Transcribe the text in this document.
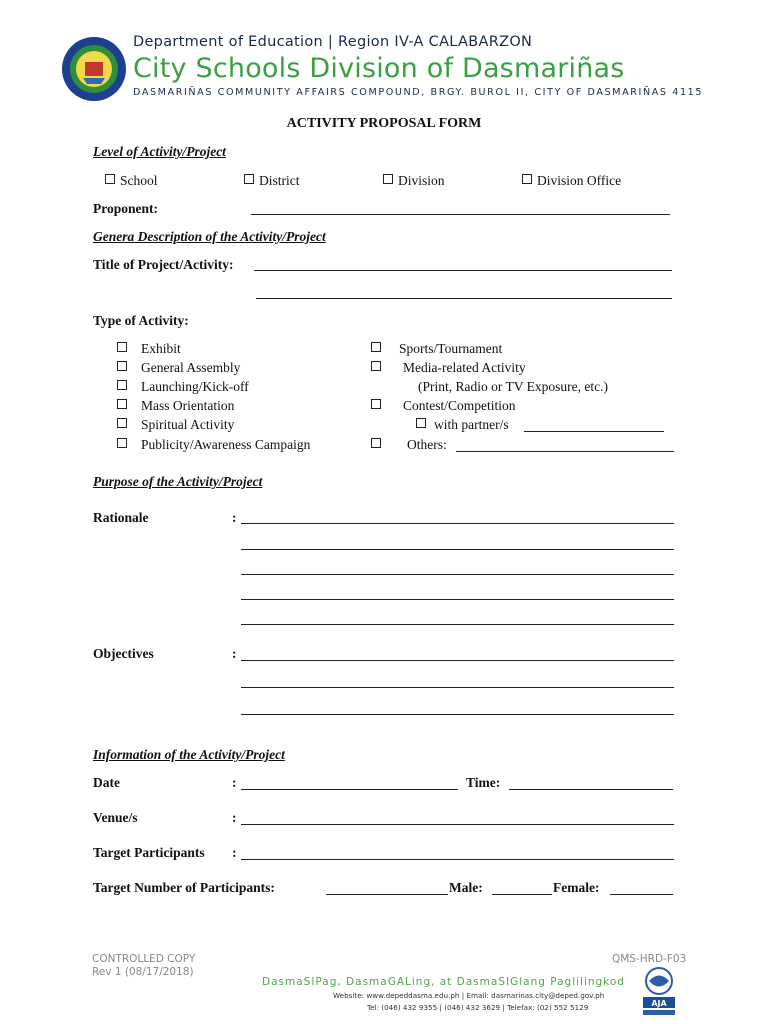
Department of Education | Region IV-A CALABARZON
City Schools Division of Dasmariñas
DASMARIÑAS COMMUNITY AFFAIRS COMPOUND, BRGY. BUROL II, CITY OF DASMARIÑAS 4115
ACTIVITY PROPOSAL FORM
Level of Activity/Project
School	District	Division	Division Office
Proponent:
Genera Description of the Activity/Project
Title of Project/Activity:
Type of Activity:
Exhibit
General Assembly
Launching/Kick-off
Mass Orientation
Spiritual Activity
Publicity/Awareness Campaign
Sports/Tournament
Media-related Activity
(Print, Radio or TV Exposure, etc.)
Contest/Competition
with partner/s
Others:
Purpose of the Activity/Project
Rationale	:
Objectives	:
Information of the Activity/Project
Date	:	Time:
Venue/s	:
Target Participants :
Target Number of Participants:	Male:	Female:
CONTROLLED COPY
Rev 1 (08/17/2018)
QMS-HRD-F03
DasmaSIPag, DasmaGALing, at DasmaSIGlang Paglilingkod
Website: www.depeddasma.edu.ph | Email: dasmarinas.city@deped.gov.ph
Tel: (046) 432 9355 | (046) 432 3629 | Telefax: (02) 552 5129	AJA
